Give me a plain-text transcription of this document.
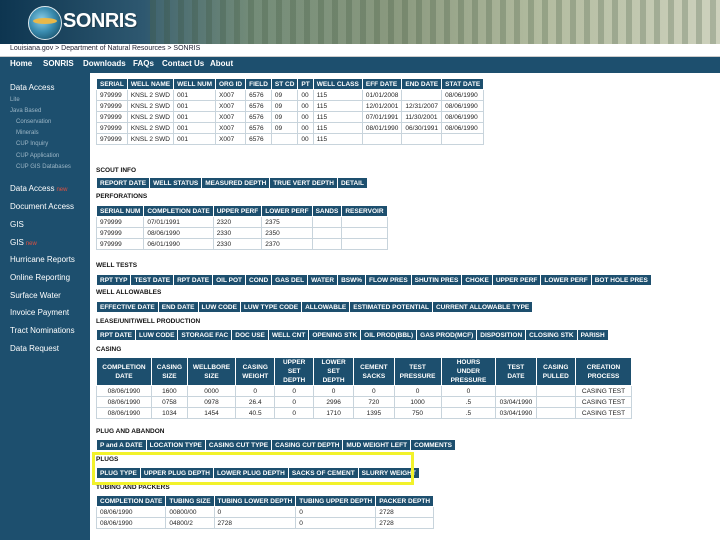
SONRIS
Louisiana.gov > Department of Natural Resources > SONRIS
Home SONRIS Downloads FAQs Contact Us About
Data Access
Lite
Java Based
Conservation
Minerals
CUP Inquiry
CUP Application
CUP GIS Databases
Data Access new
Document Access
GIS
GIS new
Hurricane Reports
Online Reporting
Surface Water
Invoice Payment
Tract Nominations
Data Request
SERIAL	WELL NAME	WELL NUM	ORG ID	FIELD	ST CD	PT	WELL CLASS	EFF DATE	END DATE	STAT DATE
979999	KNSL 2 SWD	001	X007	6576	09	00	115	01/01/2008		08/06/1990
979999	KNSL 2 SWD	001	X007	6576	09	00	115	12/01/2001	12/31/2007	08/06/1990
979999	KNSL 2 SWD	001	X007	6576	09	00	115	07/01/1991	11/30/2001	08/06/1990
979999	KNSL 2 SWD	001	X007	6576	09	00	115	08/01/1990	06/30/1991	08/06/1990
979999	KNSL 2 SWD	001	X007	6576		00	115			
SCOUT INFO
REPORT DATE	WELL STATUS	MEASURED DEPTH	TRUE VERT DEPTH	DETAIL
PERFORATIONS
SERIAL NUM	COMPLETION DATE	UPPER PERF	LOWER PERF	SANDS	RESERVOIR
979999	07/01/1991	2320	2375		
979999	08/06/1990	2330	2350		
979999	06/01/1990	2330	2370		
WELL TESTS
RPT TYP	TEST DATE	RPT DATE	OIL POT	COND	GAS DEL	WATER	BSW%	FLOW PRES	SHUTIN PRES	CHOKE	UPPER PERF	LOWER PERF	BOT HOLE PRES
WELL ALLOWABLES
EFFECTIVE DATE	END DATE	LUW CODE	LUW TYPE CODE	ALLOWABLE	ESTIMATED POTENTIAL	CURRENT ALLOWABLE TYPE
LEASE/UNIT/WELL PRODUCTION
RPT DATE	LUW CODE	STORAGE FAC	DOC USE	WELL CNT	OPENING STK	OIL PROD(BBL)	GAS PROD(MCF)	DISPOSITION	CLOSING STK	PARISH
CASING
COMPLETION DATE	CASING SIZE	WELLBORE SIZE	CASING WEIGHT	UPPER SET DEPTH	LOWER SET DEPTH	CEMENT SACKS	TEST PRESSURE	HOURS UNDER PRESSURE	TEST DATE	CASING PULLED	CREATION PROCESS
08/06/1990	1600	0000	0	0	0	0	0	0			CASING TEST
08/06/1990	0758	0978	26.4	0	2996	720	1000	.5	03/04/1990		CASING TEST
08/06/1990	1034	1454	40.5	0	1710	1395	750	.5	03/04/1990		CASING TEST
PLUG AND ABANDON
P and A DATE	LOCATION TYPE	CASING CUT TYPE	CASING CUT DEPTH	MUD WEIGHT LEFT	COMMENTS
PLUGS
PLUG TYPE	UPPER PLUG DEPTH	LOWER PLUG DEPTH	SACKS OF CEMENT	SLURRY WEIGHT
TUBING AND PACKERS
COMPLETION DATE	TUBING SIZE	TUBING LOWER DEPTH	TUBING UPPER DEPTH	PACKER DEPTH
08/06/1990	00800/00	0	0	2728
08/06/1990	04800/2	2728	0	2728
